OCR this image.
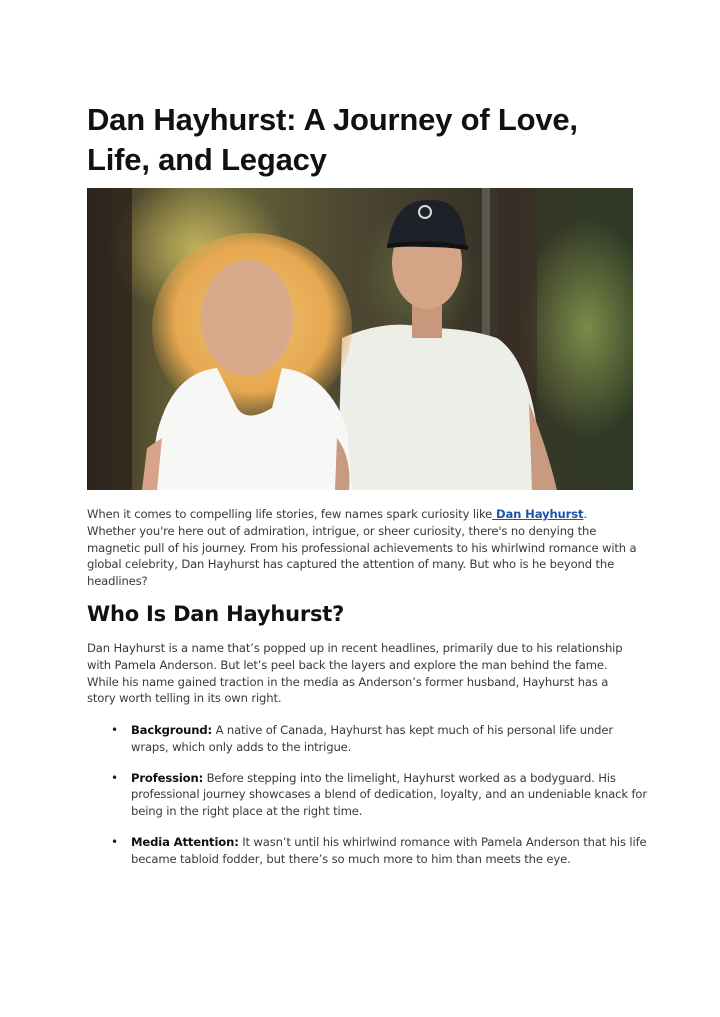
Dan Hayhurst: A Journey of Love, Life, and Legacy

When it comes to compelling life stories, few names spark curiosity like Dan Hayhurst. Whether you're here out of admiration, intrigue, or sheer curiosity, there's no denying the magnetic pull of his journey. From his professional achievements to his whirlwind romance with a global celebrity, Dan Hayhurst has captured the attention of many. But who is he beyond the headlines?

Who Is Dan Hayhurst?

Dan Hayhurst is a name that’s popped up in recent headlines, primarily due to his relationship with Pamela Anderson. But let’s peel back the layers and explore the man behind the fame. While his name gained traction in the media as Anderson’s former husband, Hayhurst has a story worth telling in its own right.

• Background: A native of Canada, Hayhurst has kept much of his personal life under wraps, which only adds to the intrigue.
• Profession: Before stepping into the limelight, Hayhurst worked as a bodyguard. His professional journey showcases a blend of dedication, loyalty, and an undeniable knack for being in the right place at the right time.
• Media Attention: It wasn’t until his whirlwind romance with Pamela Anderson that his life became tabloid fodder, but there’s so much more to him than meets the eye.
